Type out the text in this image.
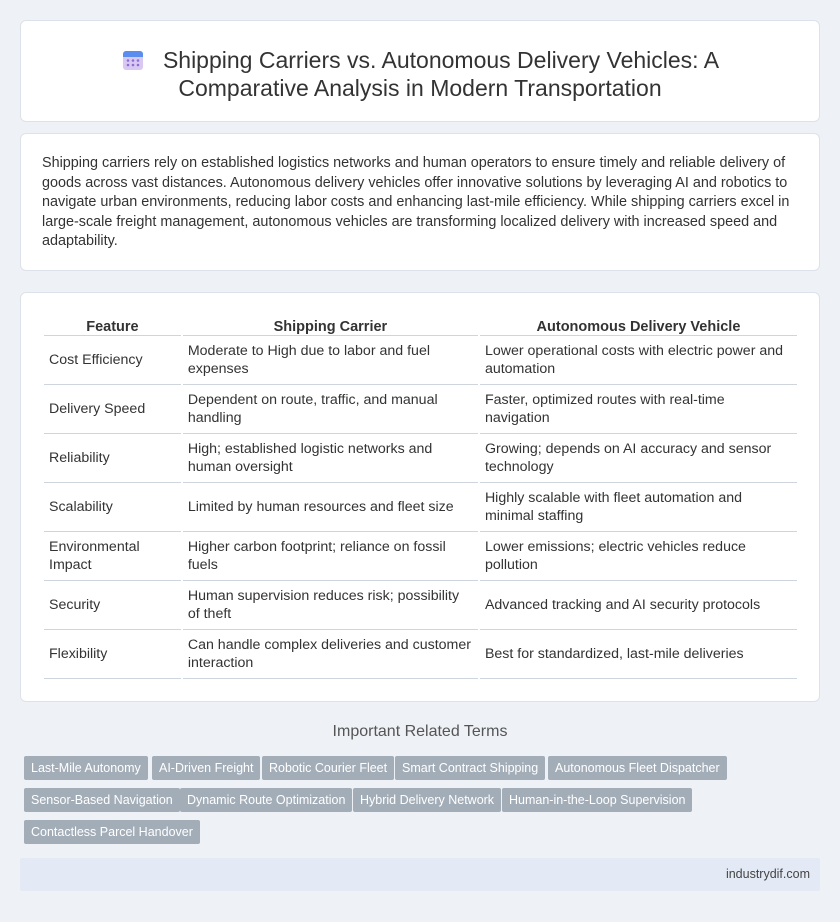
Shipping Carriers vs. Autonomous Delivery Vehicles: A
Comparative Analysis in Modern Transportation

Shipping carriers rely on established logistics networks and human operators to ensure timely and reliable delivery of goods across vast distances. Autonomous delivery vehicles offer innovative solutions by leveraging AI and robotics to navigate urban environments, reducing labor costs and enhancing last-mile efficiency. While shipping carriers excel in large-scale freight management, autonomous vehicles are transforming localized delivery with increased speed and adaptability.

Feature	Shipping Carrier	Autonomous Delivery Vehicle
Cost Efficiency	Moderate to High due to labor and fuel expenses	Lower operational costs with electric power and automation
Delivery Speed	Dependent on route, traffic, and manual handling	Faster, optimized routes with real-time navigation
Reliability	High; established logistic networks and human oversight	Growing; depends on AI accuracy and sensor technology
Scalability	Limited by human resources and fleet size	Highly scalable with fleet automation and minimal staffing
Environmental Impact	Higher carbon footprint; reliance on fossil fuels	Lower emissions; electric vehicles reduce pollution
Security	Human supervision reduces risk; possibility of theft	Advanced tracking and AI security protocols
Flexibility	Can handle complex deliveries and customer interaction	Best for standardized, last-mile deliveries
Important Related Terms
Last-Mile Autonomy	AI-Driven Freight	Robotic Courier Fleet	Smart Contract Shipping	Autonomous Fleet Dispatcher
Sensor-Based Navigation	Dynamic Route Optimization	Hybrid Delivery Network	Human-in-the-Loop Supervision
Contactless Parcel Handover
industrydif.com
